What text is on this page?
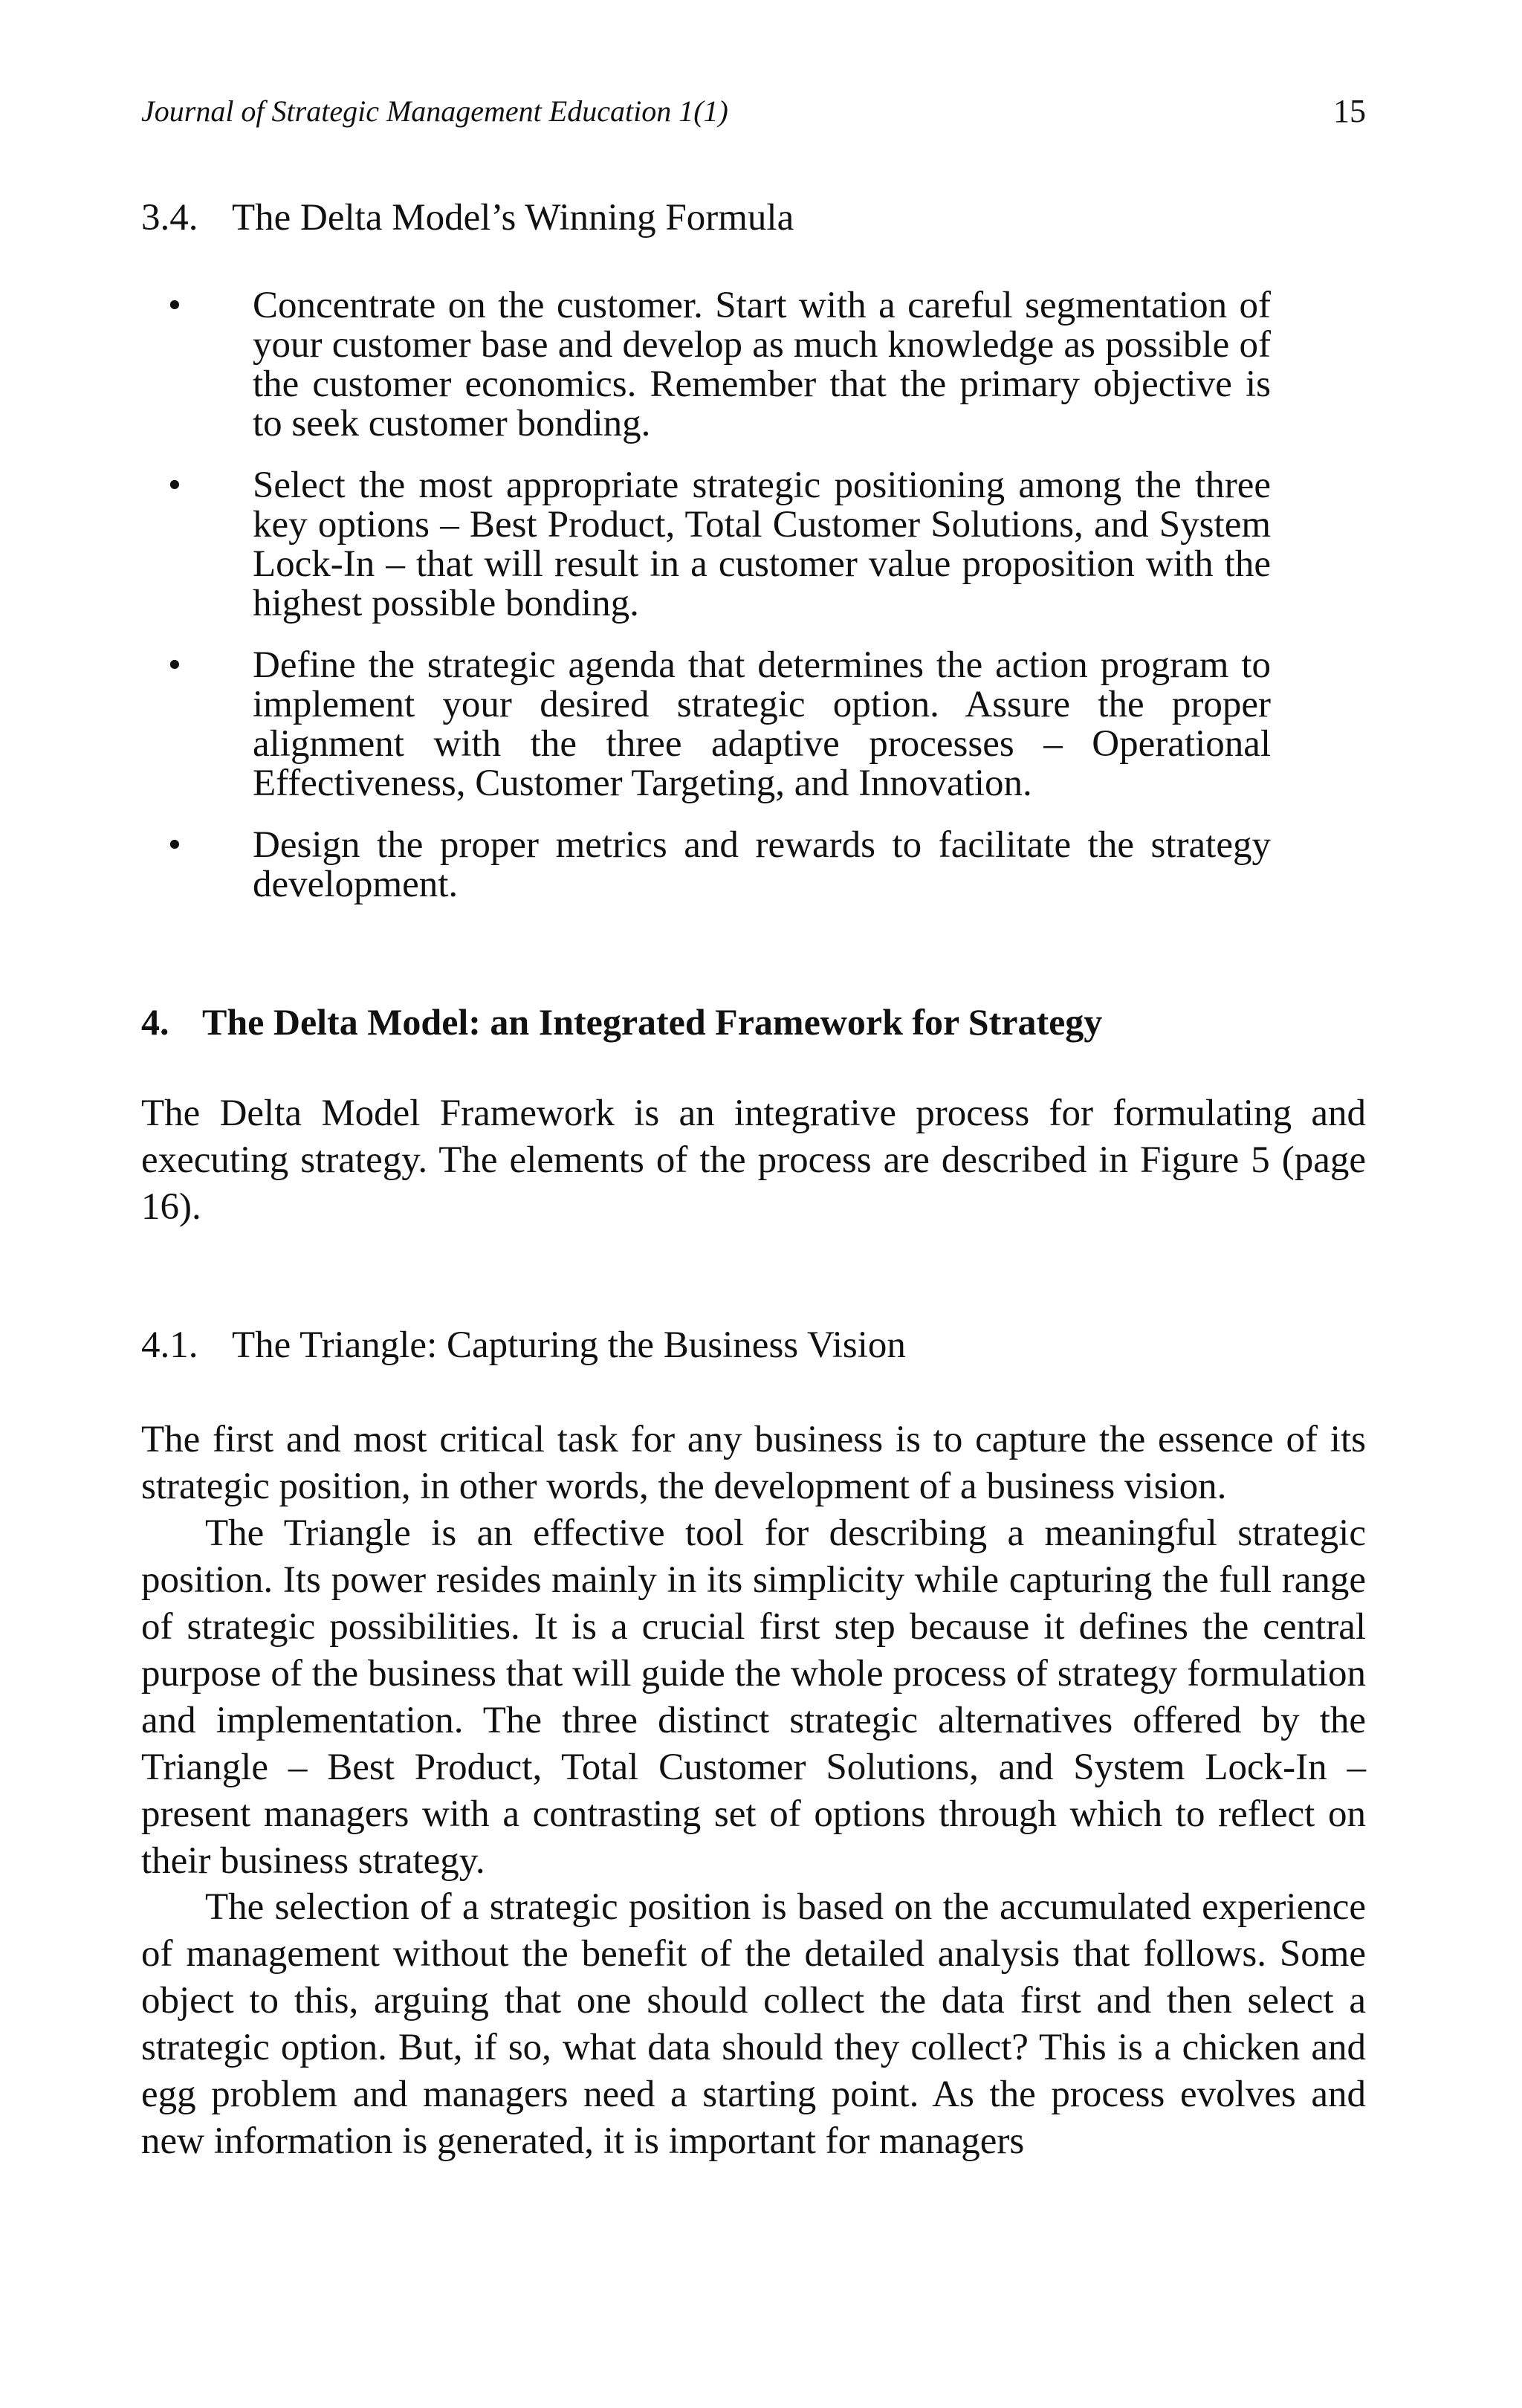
Journal of Strategic Management Education 1(1)	15
3.4. The Delta Model’s Winning Formula
• Concentrate on the customer. Start with a careful segmentation of your customer base and develop as much knowledge as possible of the customer economics. Remember that the primary objective is to seek customer bonding.
• Select the most appropriate strategic positioning among the three key options – Best Product, Total Customer Solutions, and System Lock-In – that will result in a customer value proposition with the highest possible bonding.
• Define the strategic agenda that determines the action program to implement your desired strategic option. Assure the proper alignment with the three adaptive processes – Operational Effectiveness, Customer Targeting, and Innovation.
• Design the proper metrics and rewards to facilitate the strategy development.
4. The Delta Model: an Integrated Framework for Strategy

The Delta Model Framework is an integrative process for formulating and executing strategy. The elements of the process are described in Figure 5 (page 16).

4.1. The Triangle: Capturing the Business Vision

The first and most critical task for any business is to capture the essence of its strategic position, in other words, the development of a business vision.

The Triangle is an effective tool for describing a meaningful strategic position. Its power resides mainly in its simplicity while capturing the full range of strategic possibilities. It is a crucial first step because it defines the central purpose of the business that will guide the whole process of strategy formulation and implementation. The three distinct strategic alternatives offered by the Triangle – Best Product, Total Customer Solutions, and System Lock-In – present managers with a contrasting set of options through which to reflect on their business strategy.

The selection of a strategic position is based on the accumulated experience of management without the benefit of the detailed analysis that follows. Some object to this, arguing that one should collect the data first and then select a strategic option. But, if so, what data should they collect? This is a chicken and egg problem and managers need a starting point. As the process evolves and new information is generated, it is important for managers
